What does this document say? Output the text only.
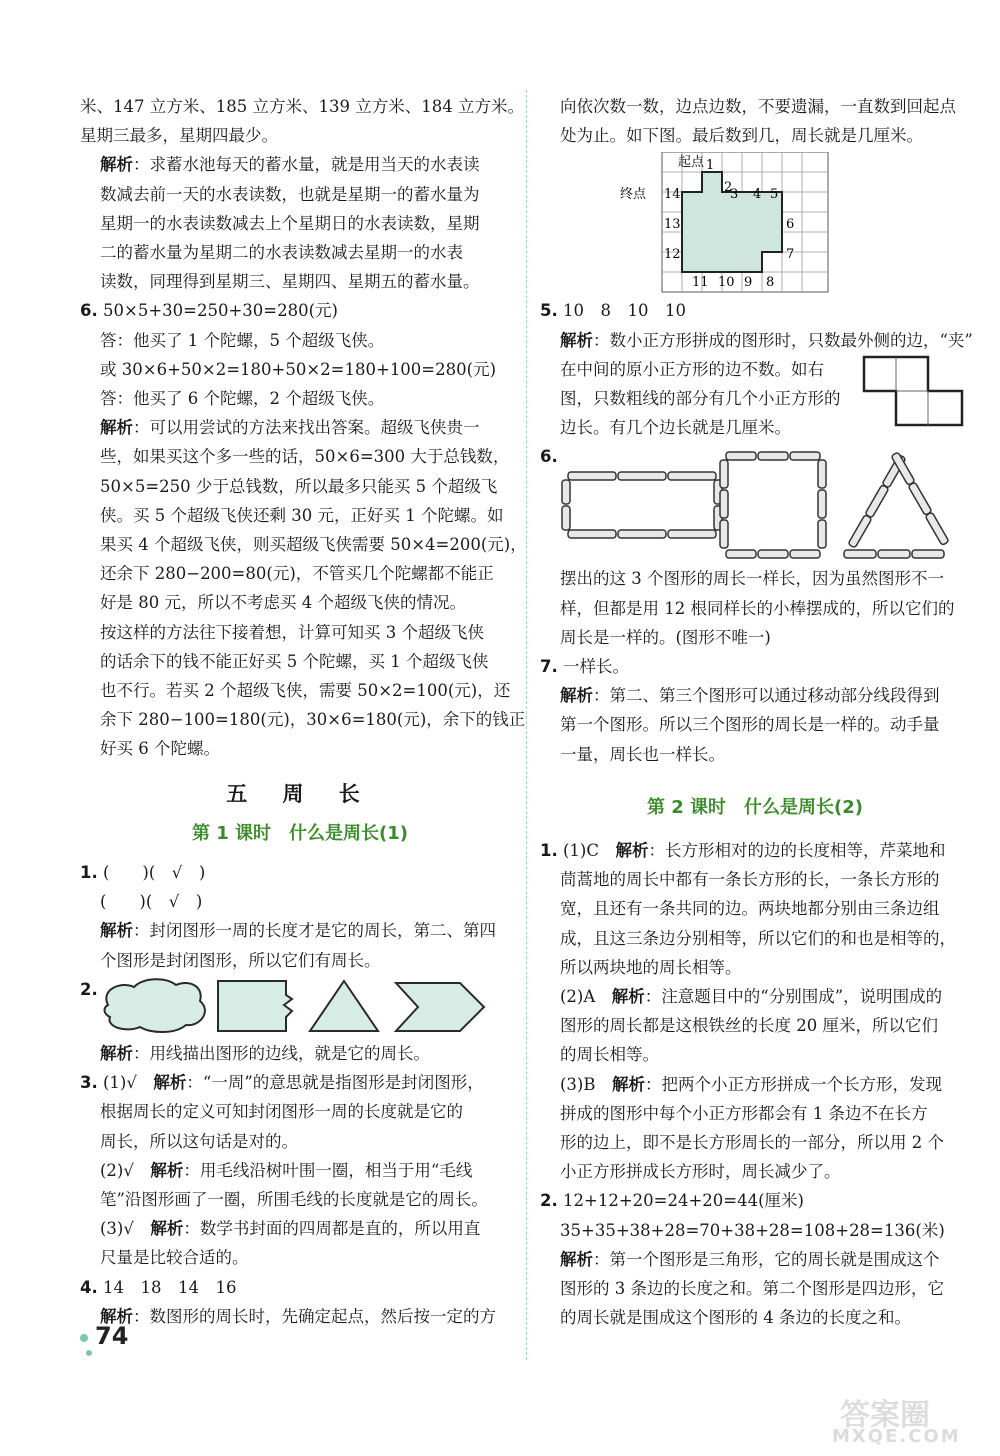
米、147 立方米、185 立方米、139 立方米、184 立方米。
星期三最多，星期四最少。
解析：求蓄水池每天的蓄水量，就是用当天的水表读
数减去前一天的水表读数，也就是星期一的蓄水量为
星期一的水表读数减去上个星期日的水表读数，星期
二的蓄水量为星期二的水表读数减去星期一的水表
读数，同理得到星期三、星期四、星期五的蓄水量。
6. 50×5+30=250+30=280(元)
答：他买了 1 个陀螺，5 个超级飞侠。
或 30×6+50×2=180+50×2=180+100=280(元)
答：他买了 6 个陀螺，2 个超级飞侠。
解析：可以用尝试的方法来找出答案。超级飞侠贵一
些，如果买这个多一些的话，50×6=300 大于总钱数，
50×5=250 少于总钱数，所以最多只能买 5 个超级飞
侠。买 5 个超级飞侠还剩 30 元，正好买 1 个陀螺。如
果买 4 个超级飞侠，则买超级飞侠需要 50×4=200(元)，
还余下 280−200=80(元)，不管买几个陀螺都不能正
好是 80 元，所以不考虑买 4 个超级飞侠的情况。
按这样的方法往下接着想，计算可知买 3 个超级飞侠
的话余下的钱不能正好买 5 个陀螺，买 1 个超级飞侠
也不行。若买 2 个超级飞侠，需要 50×2=100(元)，还
余下 280−100=180(元)，30×6=180(元)，余下的钱正
好买 6 个陀螺。
五 周 长
第 1 课时　什么是周长(1)
1. (　　)(　√　)
(　　)(　√　)
解析：封闭图形一周的长度才是它的周长，第二、第四
个图形是封闭图形，所以它们有周长。
2.
解析：用线描出图形的边线，就是它的周长。
3. (1)√　解析：“一周”的意思就是指图形是封闭图形，
根据周长的定义可知封闭图形一周的长度就是它的
周长，所以这句话是对的。
(2)√　解析：用毛线沿树叶围一圈，相当于用“毛线
笔”沿图形画了一圈，所围毛线的长度就是它的周长。
(3)√　解析：数学书封面的四周都是直的，所以用直
尺量是比较合适的。
4. 14　18　14　16
解析：数图形的周长时，先确定起点，然后按一定的方
向依次数一数，边点边数，不要遗漏，一直数到回起点
处为止。如下图。最后数到几，周长就是几厘米。
起点
终点
1
2
3 4 5
6
7
8
9
10
11
12
13
14
5. 10　8　10　10
解析：数小正方形拼成的图形时，只数最外侧的边，“夹”
在中间的原小正方形的边不数。如右
图，只数粗线的部分有几个小正方形的
边长。有几个边长就是几厘米。
6.
摆出的这 3 个图形的周长一样长，因为虽然图形不一
样，但都是用 12 根同样长的小棒摆成的，所以它们的
周长是一样的。(图形不唯一)
7. 一样长。
解析：第二、第三个图形可以通过移动部分线段得到
第一个图形。所以三个图形的周长是一样的。动手量
一量，周长也一样长。
第 2 课时　什么是周长(2)
1. (1)C　解析：长方形相对的边的长度相等，芹菜地和
茼蒿地的周长中都有一条长方形的长，一条长方形的
宽，且还有一条共同的边。两块地都分别由三条边组
成，且这三条边分别相等，所以它们的和也是相等的，
所以两块地的周长相等。
(2)A　解析：注意题目中的“分别围成”，说明围成的
图形的周长都是这根铁丝的长度 20 厘米，所以它们
的周长相等。
(3)B　解析：把两个小正方形拼成一个长方形，发现
拼成的图形中每个小正方形都会有 1 条边不在长方
形的边上，即不是长方形周长的一部分，所以用 2 个
小正方形拼成长方形时，周长减少了。
2. 12+12+20=24+20=44(厘米)
35+35+38+28=70+38+28=108+28=136(米)
解析：第一个图形是三角形，它的周长就是围成这个
图形的 3 条边的长度之和。第二个图形是四边形，它
的周长就是围成这个图形的 4 条边的长度之和。
74
答案圈
MXQE.COM
